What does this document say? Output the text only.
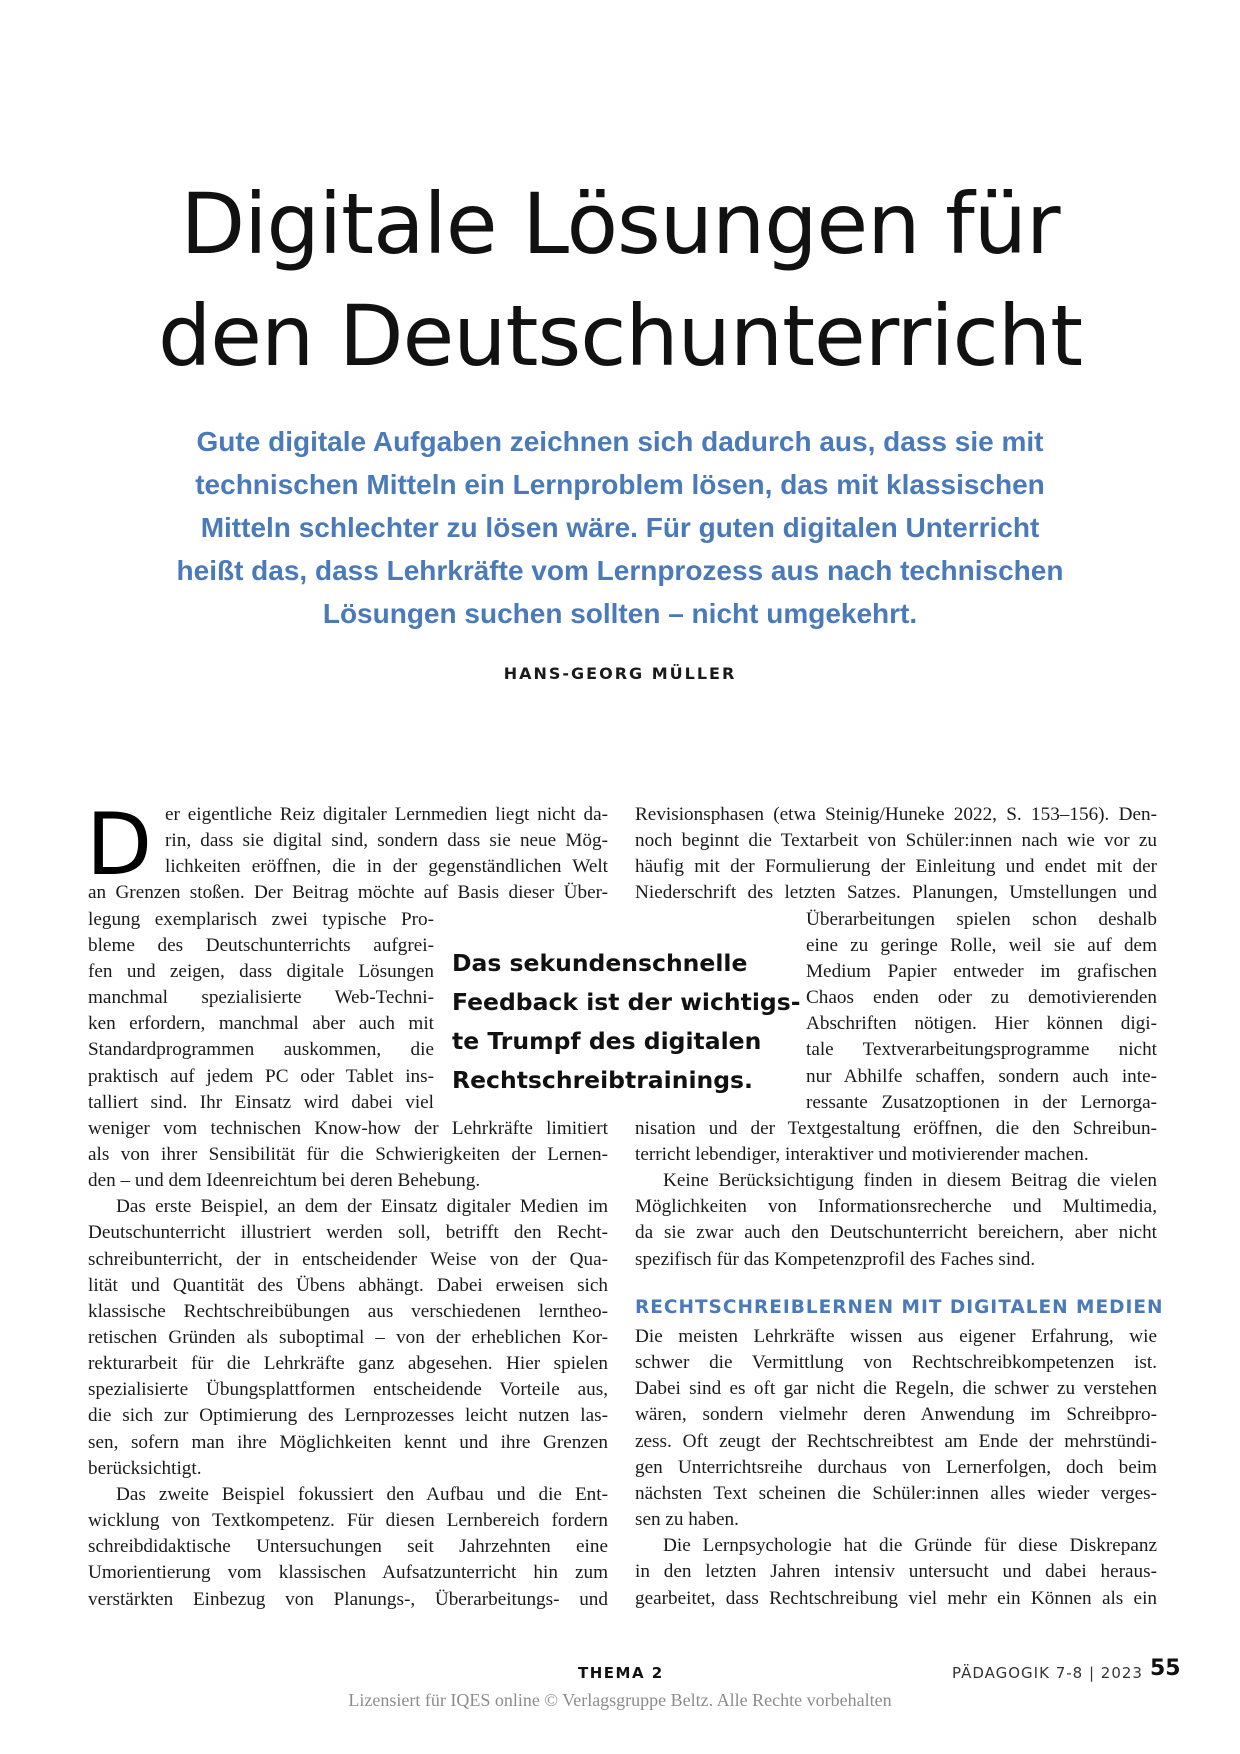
Digitale Lösungen für
den Deutschunterricht
Gute digitale Aufgaben zeichnen sich dadurch aus, dass sie mit
technischen Mitteln ein Lernproblem lösen, das mit klassischen
Mitteln schlechter zu lösen wäre. Für guten digitalen Unterricht
heißt das, dass Lehrkräfte vom Lernprozess aus nach technischen
Lösungen suchen sollten – nicht umgekehrt.
HANS-GEORG MÜLLER
D er eigentliche Reiz digitaler Lernmedien liegt nicht da-
rin, dass sie digital sind, sondern dass sie neue Mög-
lichkeiten eröffnen, die in der gegenständlichen Welt
an Grenzen stoßen. Der Beitrag möchte auf Basis dieser Über-
legung exemplarisch zwei typische Pro-
bleme des Deutschunterrichts aufgrei-
fen und zeigen, dass digitale Lösungen
manchmal spezialisierte Web-Techni-
ken erfordern, manchmal aber auch mit
Standardprogrammen auskommen, die
praktisch auf jedem PC oder Tablet ins-
talliert sind. Ihr Einsatz wird dabei viel
weniger vom technischen Know-how der Lehrkräfte limitiert
als von ihrer Sensibilität für die Schwierigkeiten der Lernen-
den – und dem Ideenreichtum bei deren Behebung.
Das erste Beispiel, an dem der Einsatz digitaler Medien im
Deutschunterricht illustriert werden soll, betrifft den Recht-
schreibunterricht, der in entscheidender Weise von der Qua-
lität und Quantität des Übens abhängt. Dabei erweisen sich
klassische Rechtschreibübungen aus verschiedenen lerntheo-
retischen Gründen als suboptimal – von der erheblichen Kor-
rekturarbeit für die Lehrkräfte ganz abgesehen. Hier spielen
spezialisierte Übungsplattformen entscheidende Vorteile aus,
die sich zur Optimierung des Lernprozesses leicht nutzen las-
sen, sofern man ihre Möglichkeiten kennt und ihre Grenzen
berücksichtigt.
Das zweite Beispiel fokussiert den Aufbau und die Ent-
wicklung von Textkompetenz. Für diesen Lernbereich fordern
schreibdidaktische Untersuchungen seit Jahrzehnten eine
Umorientierung vom klassischen Aufsatzunterricht hin zum
verstärkten Einbezug von Planungs-, Überarbeitungs- und
Revisionsphasen (etwa Steinig/Huneke 2022, S. 153–156). Den-
noch beginnt die Textarbeit von Schüler:innen nach wie vor zu
häufig mit der Formulierung der Einleitung und endet mit der
Niederschrift des letzten Satzes. Planungen, Umstellungen und
Überarbeitungen spielen schon deshalb
eine zu geringe Rolle, weil sie auf dem
Medium Papier entweder im grafischen
Chaos enden oder zu demotivierenden
Abschriften nötigen. Hier können digi-
tale Textverarbeitungsprogramme nicht
nur Abhilfe schaffen, sondern auch inte-
ressante Zusatzoptionen in der Lernorga-
nisation und der Textgestaltung eröffnen, die den Schreibun-
terricht lebendiger, interaktiver und motivierender machen.
Keine Berücksichtigung finden in diesem Beitrag die vielen
Möglichkeiten von Informationsrecherche und Multimedia,
da sie zwar auch den Deutschunterricht bereichern, aber nicht
spezifisch für das Kompetenzprofil des Faches sind.
Die meisten Lehrkräfte wissen aus eigener Erfahrung, wie
schwer die Vermittlung von Rechtschreibkompetenzen ist.
Dabei sind es oft gar nicht die Regeln, die schwer zu verstehen
wären, sondern vielmehr deren Anwendung im Schreibpro-
zess. Oft zeugt der Rechtschreibtest am Ende der mehrstündi-
gen Unterrichtsreihe durchaus von Lernerfolgen, doch beim
nächsten Text scheinen die Schüler:innen alles wieder verges-
sen zu haben.
Die Lernpsychologie hat die Gründe für diese Diskrepanz
in den letzten Jahren intensiv untersucht und dabei heraus-
gearbeitet, dass Rechtschreibung viel mehr ein Können als ein
Das sekundenschnelle
Feedback ist der wichtigs-
te Trumpf des digitalen
Rechtschreibtrainings.
RECHTSCHREIBLERNEN MIT DIGITALEN MEDIEN
THEMA 2	PÄDAGOGIK 7-8 | 2023 55
Lizensiert für IQES online © Verlagsgruppe Beltz. Alle Rechte vorbehalten
